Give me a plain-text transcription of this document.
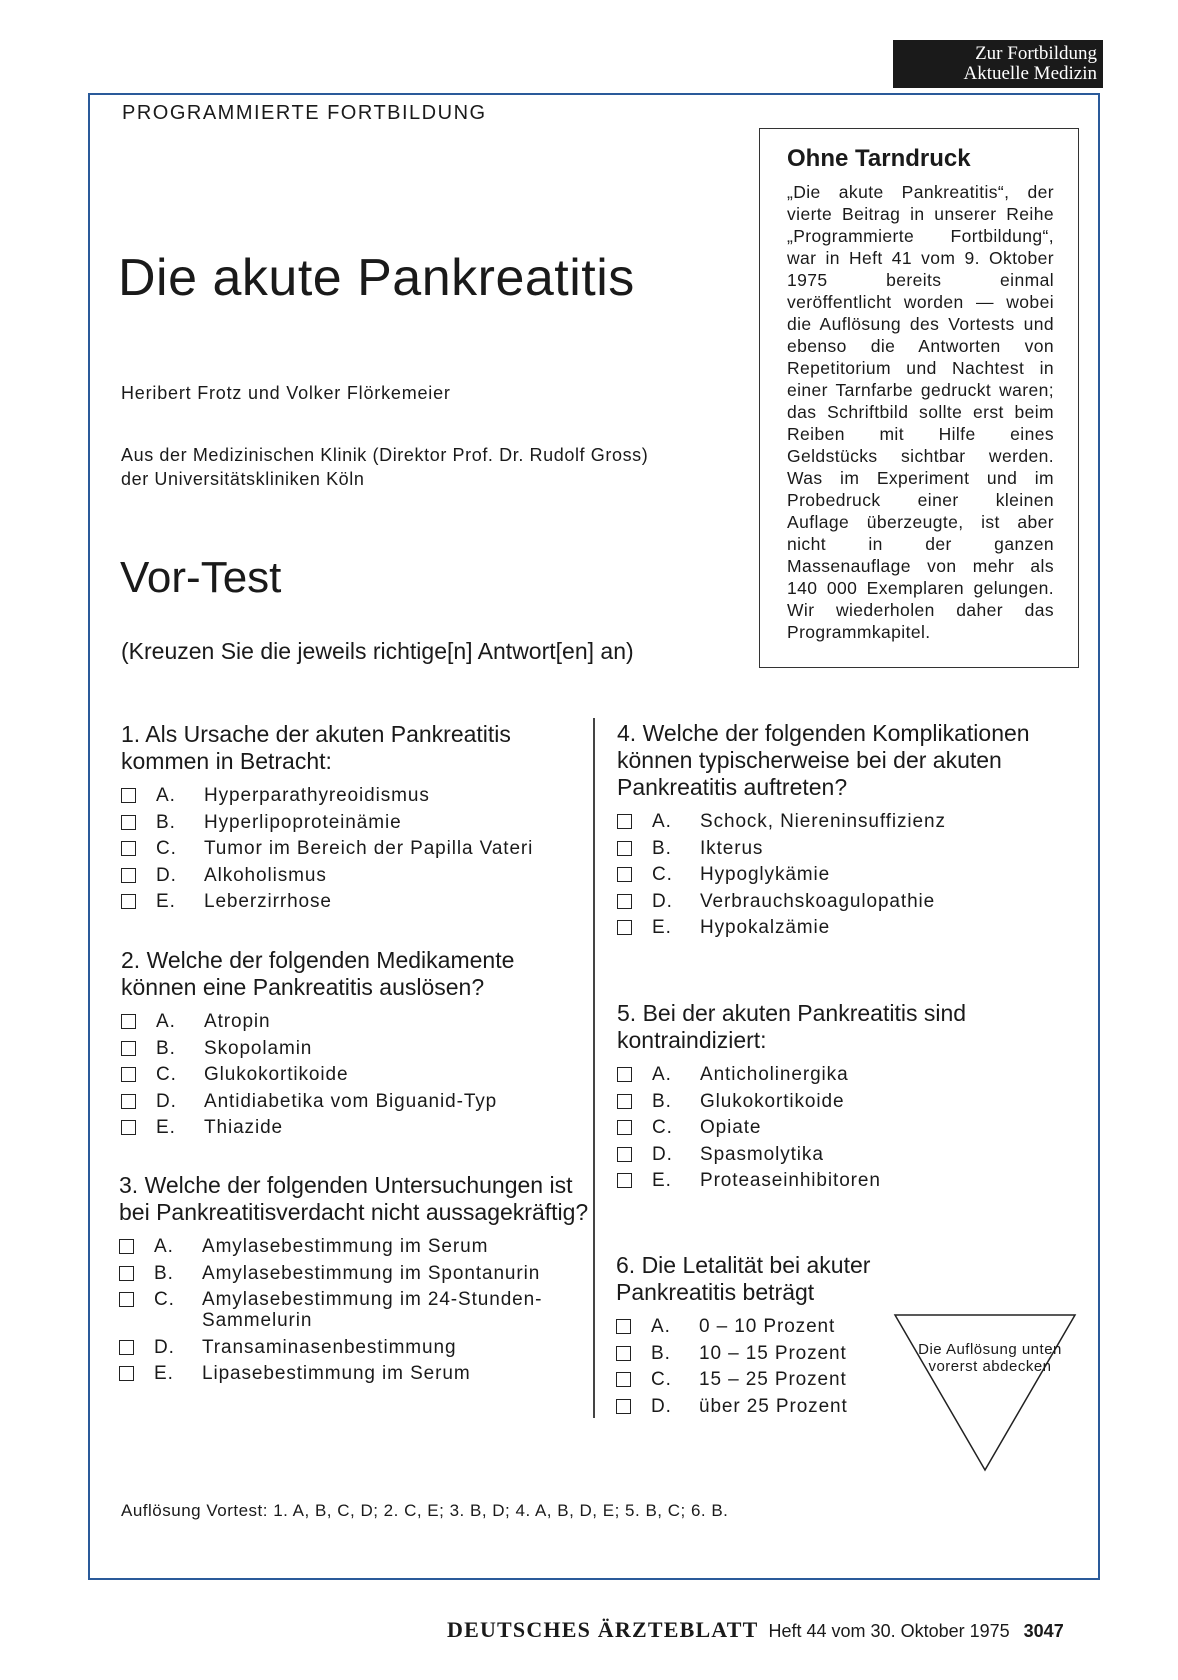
Zur Fortbildung
Aktuelle Medizin
PROGRAMMIERTE FORTBILDUNG
Die akute Pankreatitis
Heribert Frotz und Volker Flörkemeier
Aus der Medizinischen Klinik (Direktor Prof. Dr. Rudolf Gross)
der Universitätskliniken Köln
Vor-Test
(Kreuzen Sie die jeweils richtige[n] Antwort[en] an)
Ohne Tarndruck

„Die akute Pankreatitis“, der vierte Beitrag in unserer Reihe „Programmierte Fortbildung“, war in Heft 41 vom 9. Oktober 1975 bereits einmal veröffentlicht worden — wobei die Auflösung des Vortests und ebenso die Antworten von Repetitorium und Nachtest in einer Tarnfarbe gedruckt waren; das Schriftbild sollte erst beim Reiben mit Hilfe eines Geldstücks sichtbar werden. Was im Experiment und im Probedruck einer kleinen Auflage überzeugte, ist aber nicht in der ganzen Massenauflage von mehr als 140 000 Exemplaren gelungen. Wir wiederholen daher das Programmkapitel.

1. Als Ursache der akuten Pankreatitis kommen in Betracht:
A.	Hyperparathyreoidismus
B.	Hyperlipoproteinämie
C.	Tumor im Bereich der Papilla Vateri
D.	Alkoholismus
E.	Leberzirrhose
2. Welche der folgenden Medikamente können eine Pankreatitis auslösen?
A.	Atropin
B.	Skopolamin
C.	Glukokortikoide
D.	Antidiabetika vom Biguanid-Typ
E.	Thiazide
3. Welche der folgenden Untersuchungen ist bei Pankreatitisverdacht nicht aussagekräftig?
A.	Amylasebestimmung im Serum
B.	Amylasebestimmung im Spontanurin
C.	Amylasebestimmung im 24-Stunden-Sammelurin
D.	Transaminasenbestimmung
E.	Lipasebestimmung im Serum
4. Welche der folgenden Komplikationen können typischerweise bei der akuten Pankreatitis auftreten?
A.	Schock, Niereninsuffizienz
B.	Ikterus
C.	Hypoglykämie
D.	Verbrauchskoagulopathie
E.	Hypokalzämie
5. Bei der akuten Pankreatitis sind kontraindiziert:
A.	Anticholinergika
B.	Glukokortikoide
C.	Opiate
D.	Spasmolytika
E.	Proteaseinhibitoren
6. Die Letalität bei akuter Pankreatitis beträgt
A.	0 – 10 Prozent
B.	10 – 15 Prozent
C.	15 – 25 Prozent
D.	über 25 Prozent
Die Auflösung unten vorerst abdecken
Auflösung Vortest: 1. A, B, C, D; 2. C, E; 3. B, D; 4. A, B, D, E; 5. B, C; 6. B.
DEUTSCHES ÄRZTEBLATT Heft 44 vom 30. Oktober 1975 3047
